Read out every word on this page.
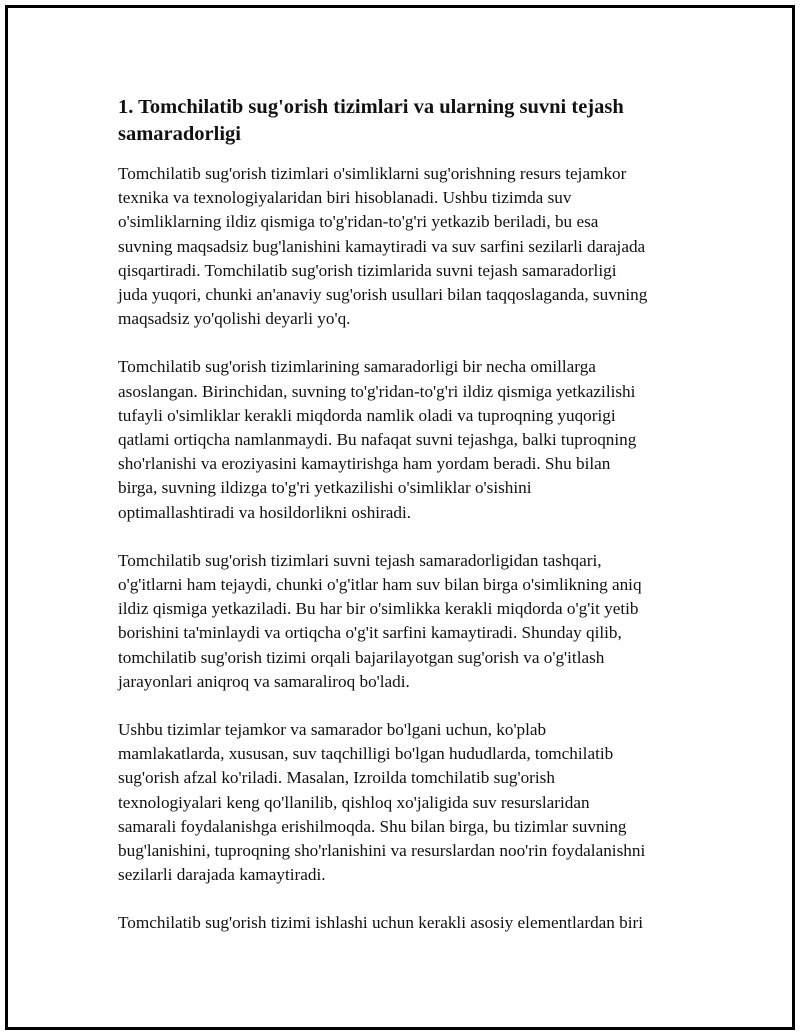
1. Tomchilatib sug'orish tizimlari va ularning suvni tejash
samaradorligi

Tomchilatib sug'orish tizimlari o'simliklarni sug'orishning resurs tejamkor
texnika va texnologiyalaridan biri hisoblanadi. Ushbu tizimda suv
o'simliklarning ildiz qismiga to'g'ridan-to'g'ri yetkazib beriladi, bu esa
suvning maqsadsiz bug'lanishini kamaytiradi va suv sarfini sezilarli darajada
qisqartiradi. Tomchilatib sug'orish tizimlarida suvni tejash samaradorligi
juda yuqori, chunki an'anaviy sug'orish usullari bilan taqqoslaganda, suvning
maqsadsiz yo'qolishi deyarli yo'q.

Tomchilatib sug'orish tizimlarining samaradorligi bir necha omillarga
asoslangan. Birinchidan, suvning to'g'ridan-to'g'ri ildiz qismiga yetkazilishi
tufayli o'simliklar kerakli miqdorda namlik oladi va tuproqning yuqorigi
qatlami ortiqcha namlanmaydi. Bu nafaqat suvni tejashga, balki tuproqning
sho'rlanishi va eroziyasini kamaytirishga ham yordam beradi. Shu bilan
birga, suvning ildizga to'g'ri yetkazilishi o'simliklar o'sishini
optimallashtiradi va hosildorlikni oshiradi.

Tomchilatib sug'orish tizimlari suvni tejash samaradorligidan tashqari,
o'g'itlarni ham tejaydi, chunki o'g'itlar ham suv bilan birga o'simlikning aniq
ildiz qismiga yetkaziladi. Bu har bir o'simlikka kerakli miqdorda o'g'it yetib
borishini ta'minlaydi va ortiqcha o'g'it sarfini kamaytiradi. Shunday qilib,
tomchilatib sug'orish tizimi orqali bajarilayotgan sug'orish va o'g'itlash
jarayonlari aniqroq va samaraliroq bo'ladi.

Ushbu tizimlar tejamkor va samarador bo'lgani uchun, ko'plab
mamlakatlarda, xususan, suv taqchilligi bo'lgan hududlarda, tomchilatib
sug'orish afzal ko'riladi. Masalan, Izroilda tomchilatib sug'orish
texnologiyalari keng qo'llanilib, qishloq xo'jaligida suv resurslaridan
samarali foydalanishga erishilmoqda. Shu bilan birga, bu tizimlar suvning
bug'lanishini, tuproqning sho'rlanishini va resurslardan noo'rin foydalanishni
sezilarli darajada kamaytiradi.

Tomchilatib sug'orish tizimi ishlashi uchun kerakli asosiy elementlardan biri
